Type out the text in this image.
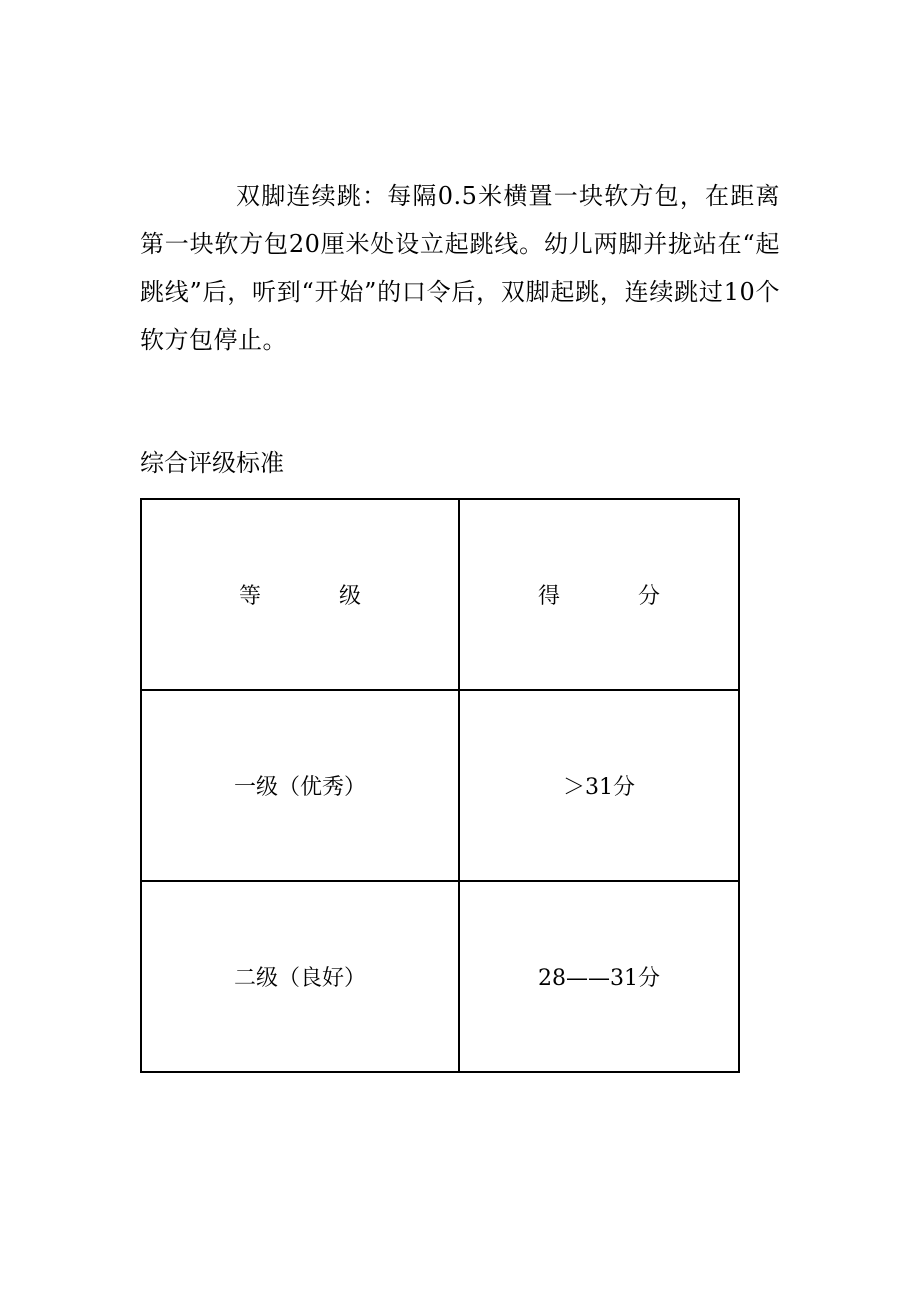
双脚连续跳：每隔0.5米横置一块软方包，在距离第一块软方包20厘米处设立起跳线。幼儿两脚并拢站在“起跳线”后，听到“开始”的口令后，双脚起跳，连续跳过10个软方包停止。

综合评级标准

等 级	得 分
一级（优秀）	＞31分
二级（良好）	28——31分
